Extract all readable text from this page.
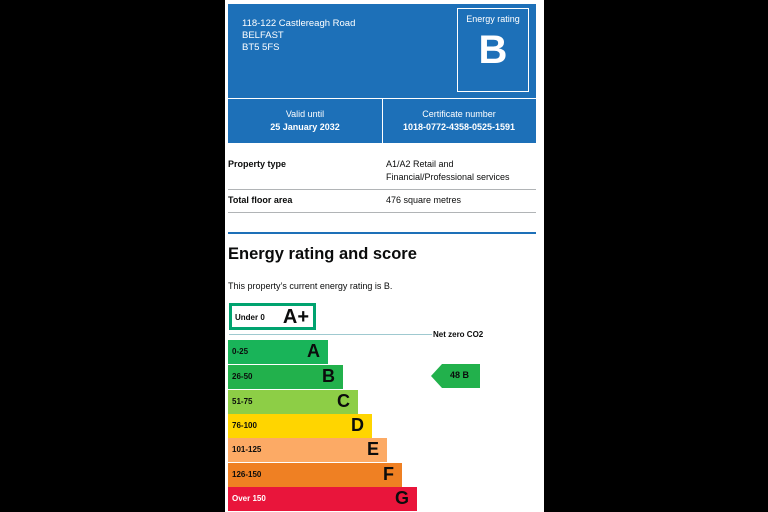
118-122 Castlereagh Road
BELFAST
BT5 5FS
Energy rating
B
Valid until
25 January 2032
Certificate number
1018-0772-4358-0525-1591
Property type	A1/A2 Retail and
Financial/Professional services
Total floor area	476 square metres
Energy rating and score
This property’s current energy rating is B.
Under 0 A+
Net zero CO2
0-25	A
26-50	B
51-75	C
76-100	D
101-125	E
126-150	F
Over 150	G
48 B
